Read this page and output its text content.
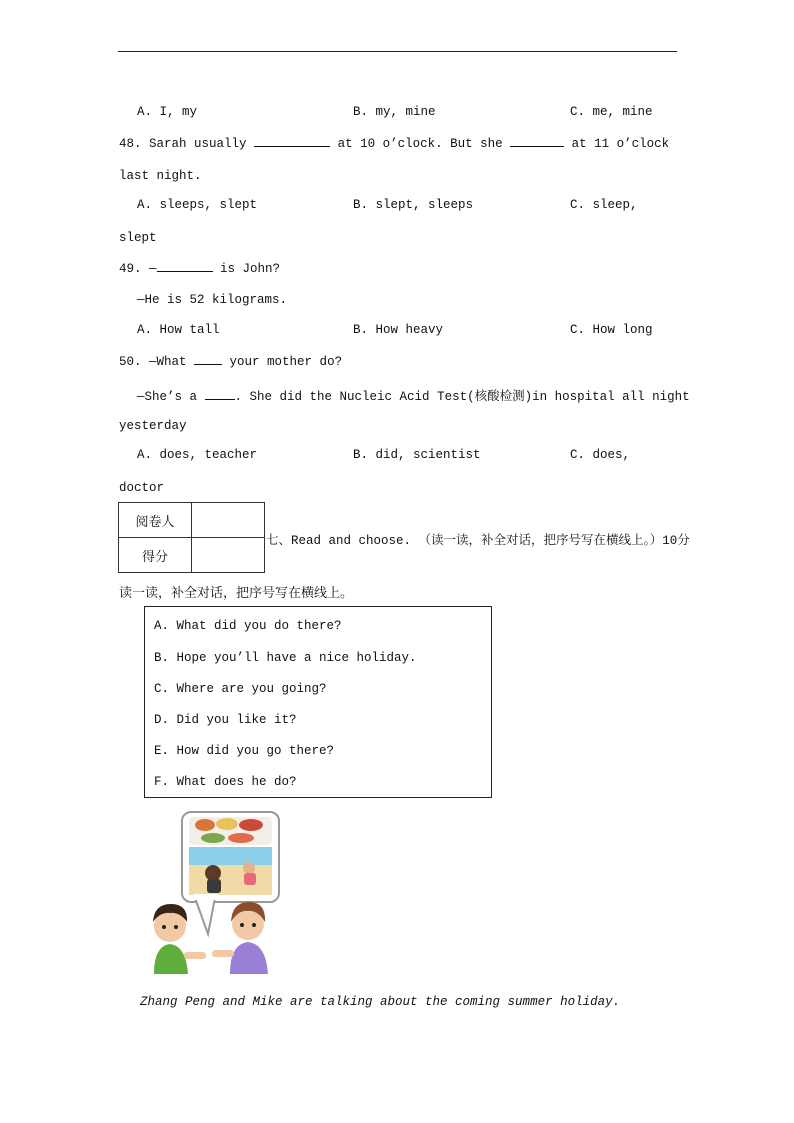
A. I, my	B. my, mine	C. me, mine
48. Sarah usually	at 10 o’clock. But she	at 11 o’clock
last night.
A. sleeps, slept	B. slept, sleeps	C. sleep,
slept
49. —	is John?
—He is 52 kilograms.
A. How tall	B. How heavy	C. How long
50. —What	your mother do?
—She’s a	. She did the Nucleic Acid Test(核酸检测)in hospital all night
yesterday
A. does, teacher	B. did, scientist	C. does,
doctor
阅卷人	
得分	
七、Read and choose. （读一读，补全对话，把序号写在横线上。）10分
读一读，补全对话，把序号写在横线上。
A. What did you do there?
B. Hope you’ll have a nice holiday.
C. Where are you going?
D. Did you like it?
E. How did you go there?
F. What does he do?
Zhang Peng and Mike are talking about the coming summer holiday.
